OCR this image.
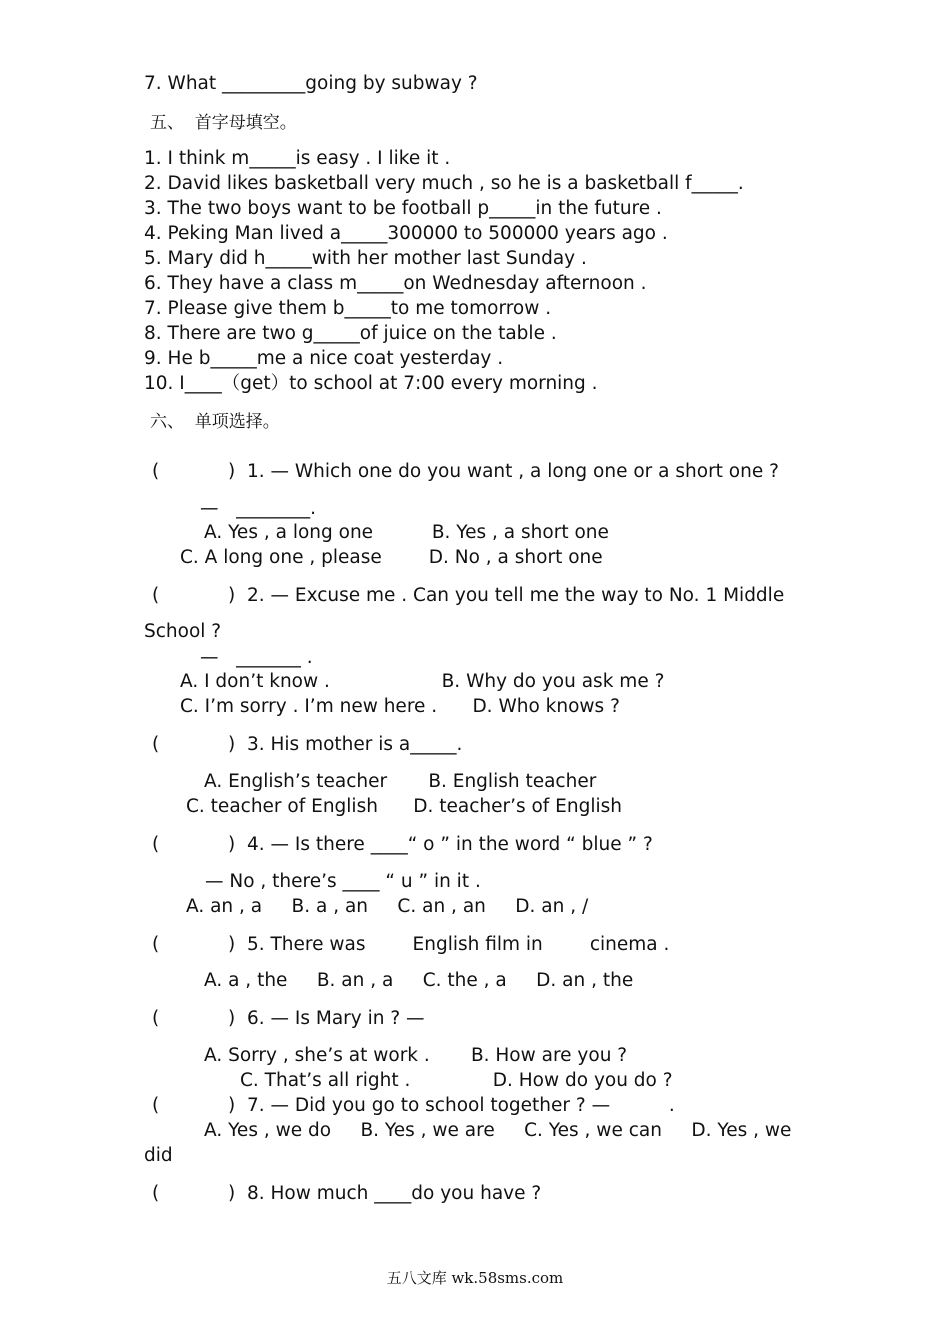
7. What _________going by subway ?
五、  首字母填空。
1. I think m_____is easy . I like it .
2. David likes basketball very much , so he is a basketball f_____.
3. The two boys want to be football p_____in the future .
4. Peking Man lived a_____300000 to 500000 years ago .
5. Mary did h_____with her mother last Sunday .
6. They have a class m_____on Wednesday afternoon .
7. Please give them b_____to me tomorrow .
8. There are two g_____of juice on the table .
9. He b_____me a nice coat yesterday .
10. I____（get）to school at 7:00 every morning .
六、  单项选择。
(	)  1. — Which one do you want , a long one or a short one ?
—   ________.
A. Yes , a long one          B. Yes , a short one
C. A long one , please        D. No , a short one
(	)  2. — Excuse me . Can you tell me the way to No. 1 Middle
School ?
—   _______ .
A. I don’t know .                   B. Why do you ask me ?
C. I’m sorry . I’m new here .      D. Who knows ?
(	)  3. His mother is a_____.
A. English’s teacher       B. English teacher
C. teacher of English      D. teacher’s of English
(	)  4. — Is there ____“ o ” in the word “ blue ” ?
— No , there’s ____ “ u ” in it .
A. an , a     B. a , an     C. an , an     D. an , /
(	)  5. There was        English film in        cinema .
A. a , the     B. an , a     C. the , a     D. an , the
(	)  6. — Is Mary in ? —
A. Sorry , she’s at work .       B. How are you ?
C. That’s all right .              D. How do you do ?
(	)  7. — Did you go to school together ? —          .
A. Yes , we do     B. Yes , we are     C. Yes , we can     D. Yes , we
did
(	)  8. How much ____do you have ?
五八文库 wk.58sms.com
